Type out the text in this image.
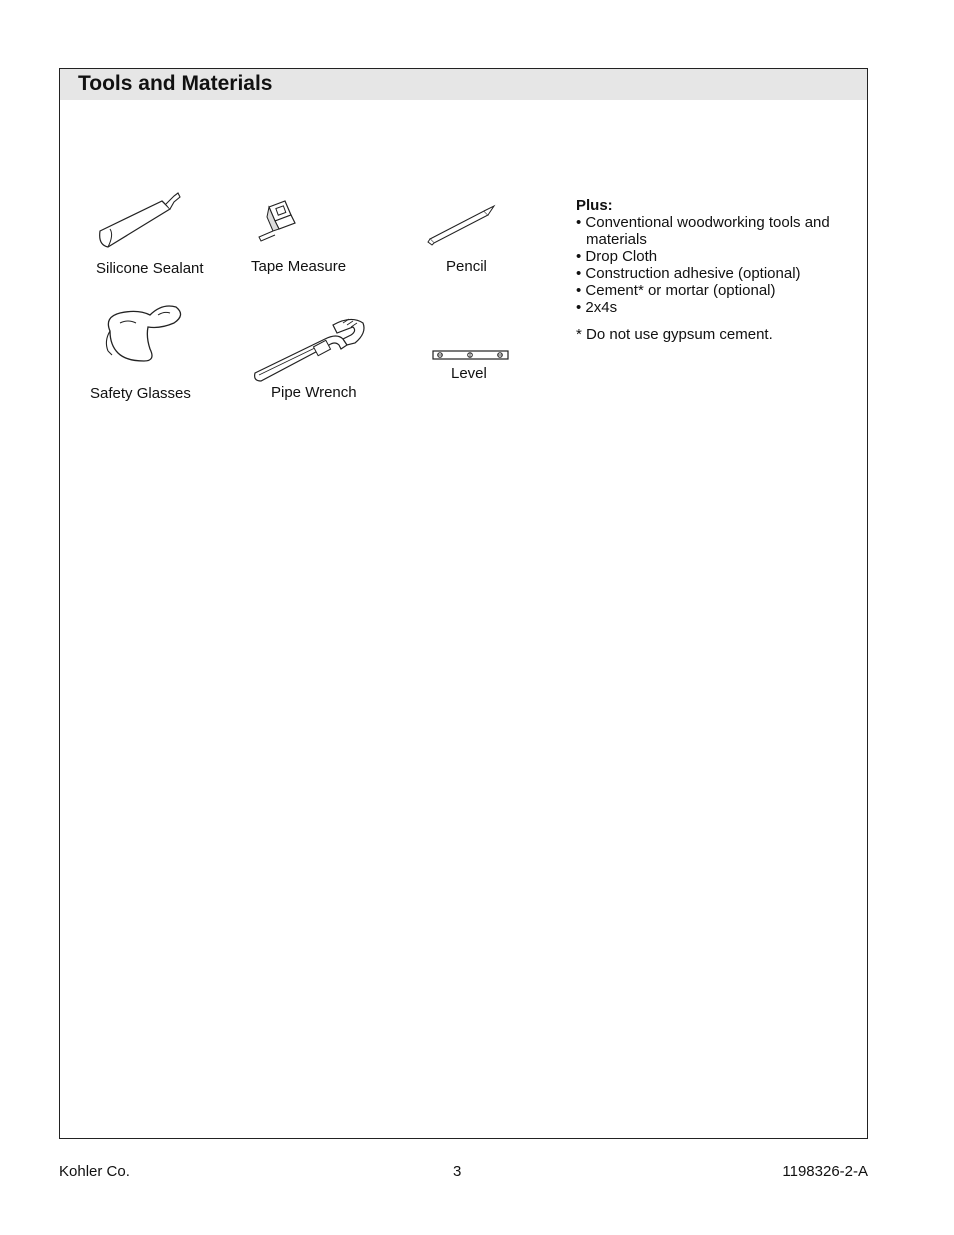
Tools and Materials
Silicone Sealant	Tape Measure	Pencil
Safety Glasses	Pipe Wrench
Level
Plus:
• Conventional woodworking tools and materials
• Drop Cloth
• Construction adhesive (optional)
• Cement* or mortar (optional)
• 2x4s
* Do not use gypsum cement.
Kohler Co.	3	1198326-2-A
